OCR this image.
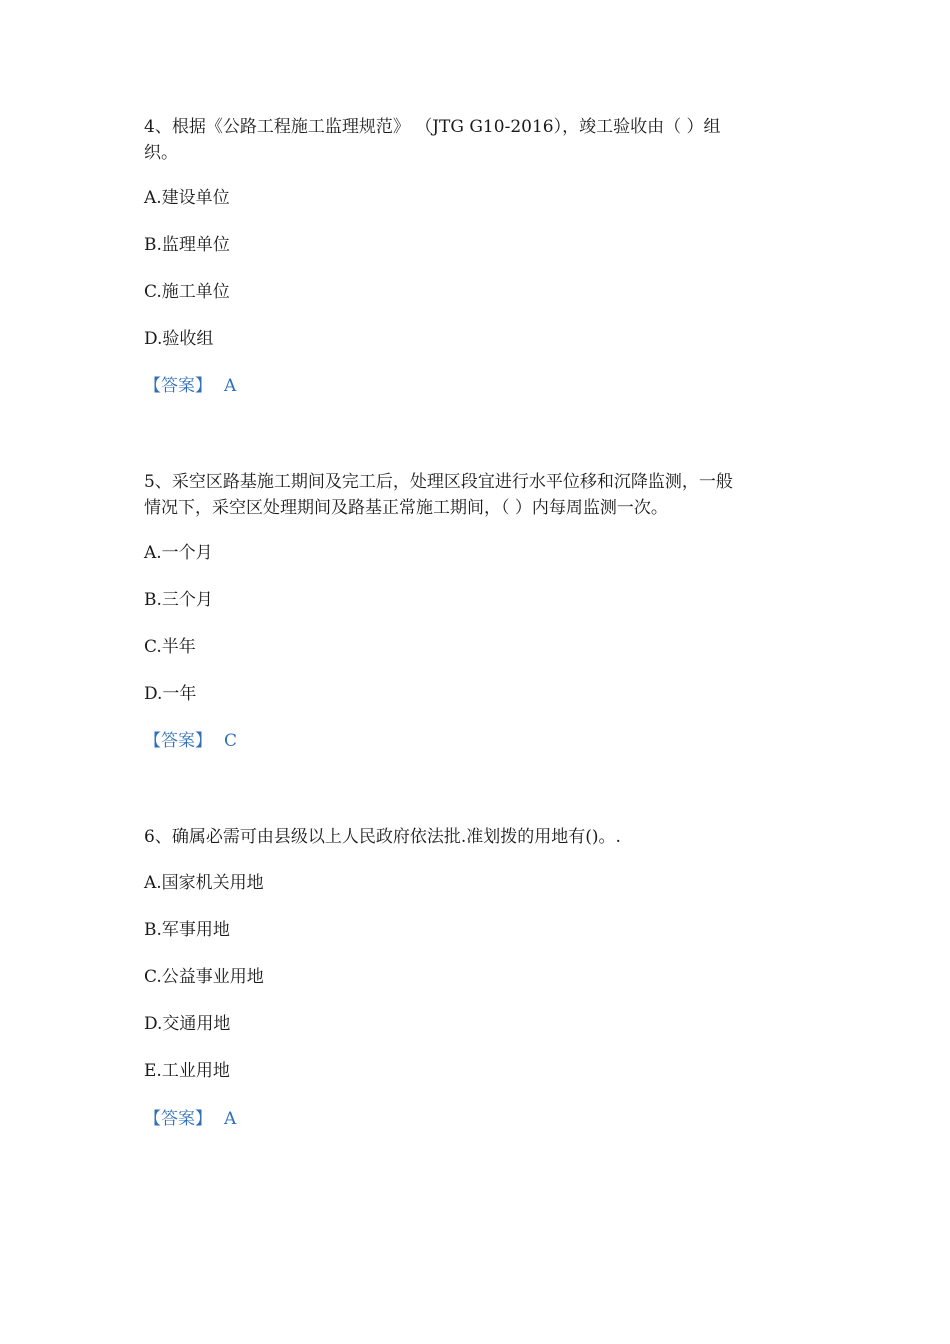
4、根据《公路工程施工监理规范》 （JTG G10-2016），竣工验收由（ ）组
织。
A.建设单位
B.监理单位
C.施工单位
D.验收组
【答案】 A
5、采空区路基施工期间及完工后，处理区段宜进行水平位移和沉降监测，一般
情况下，采空区处理期间及路基正常施工期间，（ ）内每周监测一次。
A.一个月
B.三个月
C.半年
D.一年
【答案】 C
6、确属必需可由县级以上人民政府依法批.准划拨的用地有()。.
A.国家机关用地
B.军事用地
C.公益事业用地
D.交通用地
E.工业用地
【答案】 A
